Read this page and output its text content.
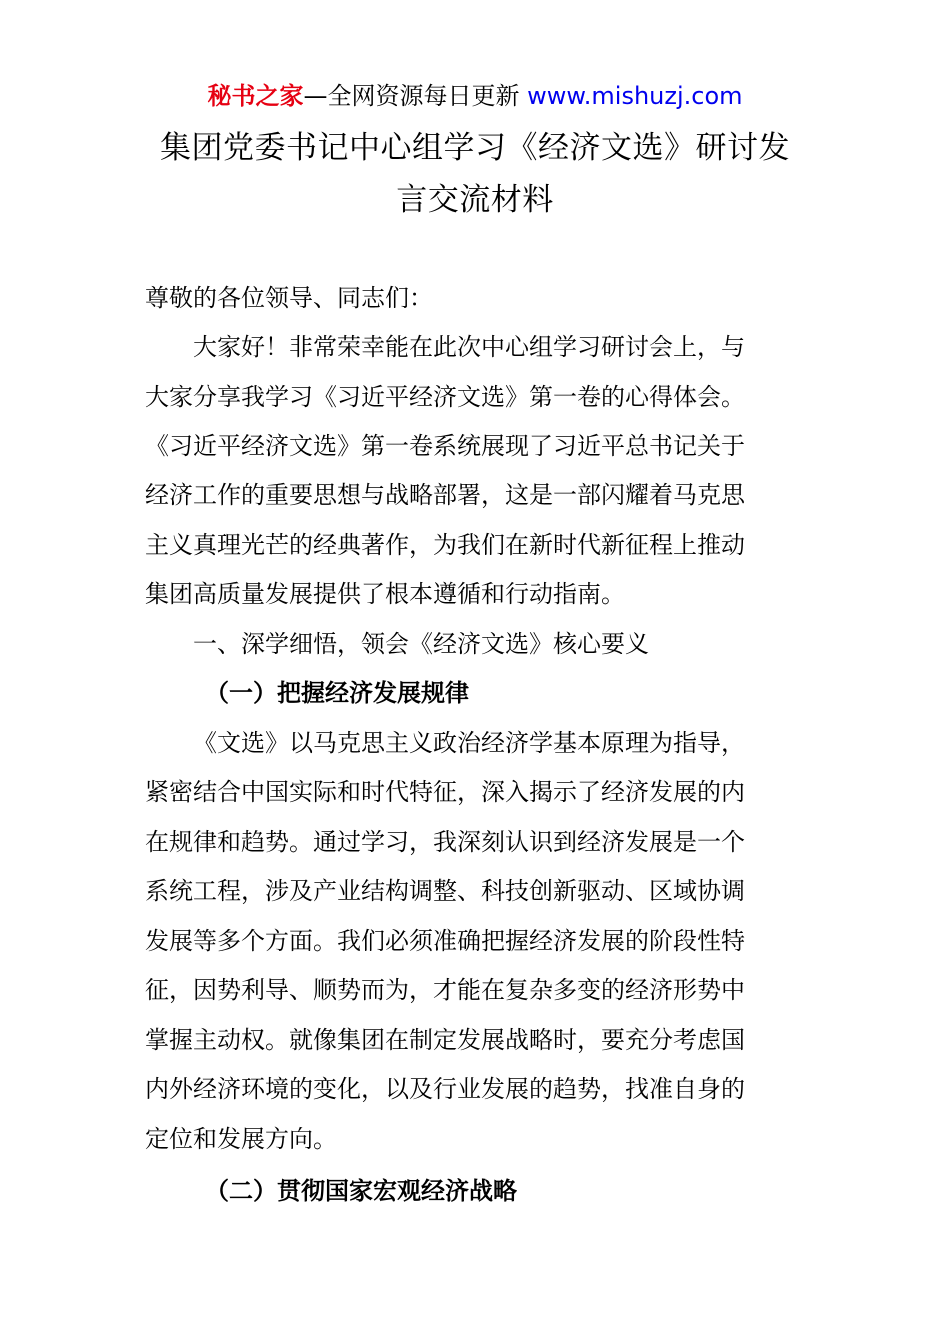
秘书之家—全网资源每日更新 www.mishuzj.com
集团党委书记中心组学习《经济文选》研讨发
言交流材料
尊敬的各位领导、同志们：
大家好！非常荣幸能在此次中心组学习研讨会上，与
大家分享我学习《习近平经济文选》第一卷的心得体会。
《习近平经济文选》第一卷系统展现了习近平总书记关于
经济工作的重要思想与战略部署，这是一部闪耀着马克思
主义真理光芒的经典著作，为我们在新时代新征程上推动
集团高质量发展提供了根本遵循和行动指南。
一、深学细悟，领会《经济文选》核心要义
（一）把握经济发展规律
《文选》以马克思主义政治经济学基本原理为指导，
紧密结合中国实际和时代特征，深入揭示了经济发展的内
在规律和趋势。通过学习，我深刻认识到经济发展是一个
系统工程，涉及产业结构调整、科技创新驱动、区域协调
发展等多个方面。我们必须准确把握经济发展的阶段性特
征，因势利导、顺势而为，才能在复杂多变的经济形势中
掌握主动权。就像集团在制定发展战略时，要充分考虑国
内外经济环境的变化，以及行业发展的趋势，找准自身的
定位和发展方向。
（二）贯彻国家宏观经济战略
